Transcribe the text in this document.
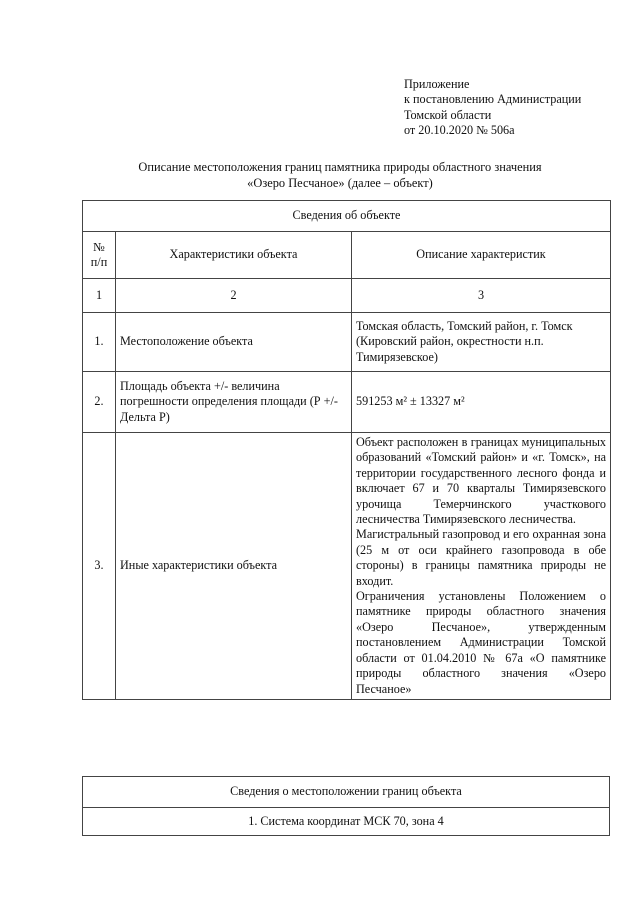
Приложение
к постановлению Администрации
Томской области
от 20.10.2020 № 506а
Описание местоположения границ памятника природы областного значения
«Озеро Песчаное» (далее – объект)
Сведения об объекте		
№ п/п	Характеристики объекта	Описание характеристик
1	2	3
1.	Местоположение объекта	Томская область, Томский район, г. Томск (Кировский район, окрестности н.п. Тимирязевское)
2.	Площадь объекта +/- величина погрешности определения площади (Р +/- Дельта Р)	591253 м² ± 13327 м²
3.	Иные характеристики объекта	Объект расположен в границах муниципальных образований «Томский район» и «г. Томск», на территории государственного лесного фонда и включает 67 и 70 кварталы Тимирязевского урочища Темерчинского участкового лесничества Тимирязевского лесничества.

Магистральный газопровод и его охранная зона (25 м от оси крайнего газопровода в обе стороны) в границы памятника природы не входит.

Ограничения установлены Положением о памятнике природы областного значения «Озеро Песчаное», утвержденным постановлением Администрации Томской области от 01.04.2010 № 67а «О памятнике природы областного значения «Озеро Песчаное»

Сведения о местоположении границ объекта
1. Система координат МСК 70, зона 4
